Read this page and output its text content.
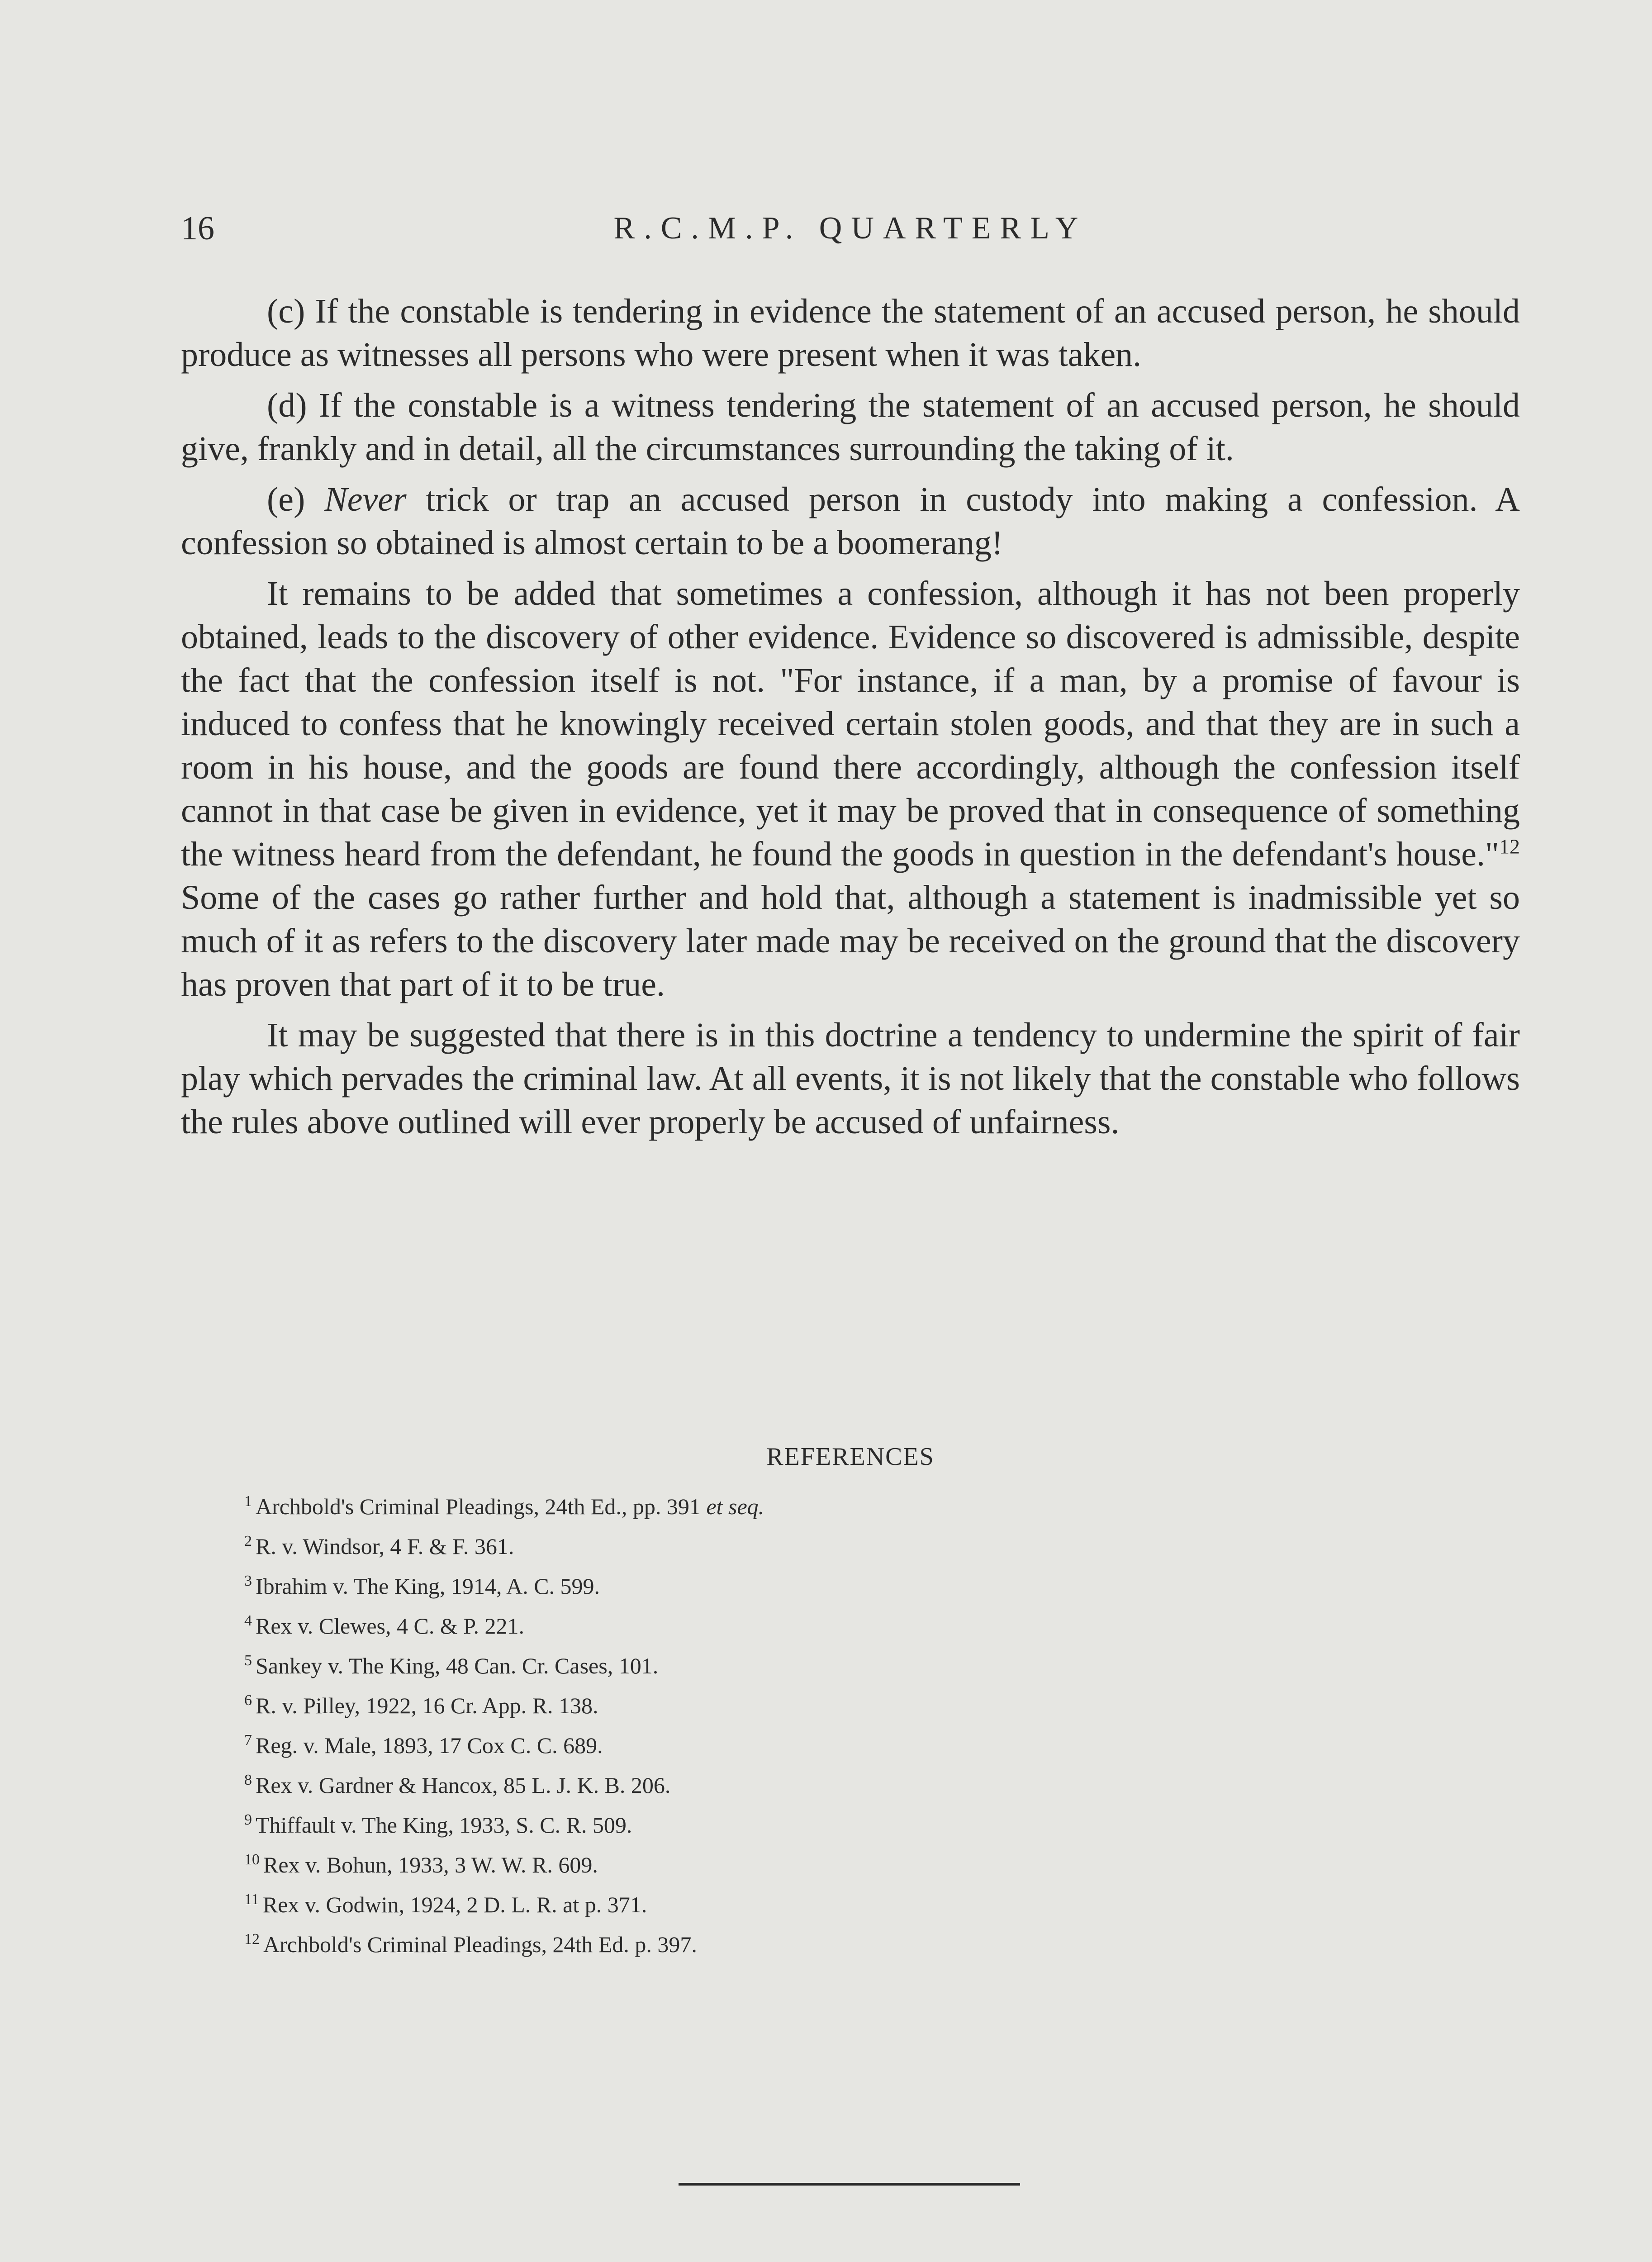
16	R.C.M.P. QUARTERLY

(c) If the constable is tendering in evidence the statement of an accused person, he should produce as witnesses all persons who were present when it was taken.

(d) If the constable is a witness tendering the statement of an accused person, he should give, frankly and in detail, all the circumstances surrounding the taking of it.

(e) Never trick or trap an accused person in custody into making a confession. A confession so obtained is almost certain to be a boomerang!

It remains to be added that sometimes a confession, although it has not been properly obtained, leads to the discovery of other evidence. Evidence so discovered is admissible, despite the fact that the confession itself is not. "For instance, if a man, by a promise of favour is induced to confess that he knowingly received certain stolen goods, and that they are in such a room in his house, and the goods are found there accordingly, although the confession itself cannot in that case be given in evidence, yet it may be proved that in consequence of something the witness heard from the defendant, he found the goods in question in the defendant's house."$^{12}$ Some of the cases go rather further and hold that, although a statement is inadmissible yet so much of it as refers to the discovery later made may be received on the ground that the discovery has proven that part of it to be true.

It may be suggested that there is in this doctrine a tendency to undermine the spirit of fair play which pervades the criminal law. At all events, it is not likely that the constable who follows the rules above outlined will ever properly be accused of unfairness.

REFERENCES
$^1$ Archbold's Criminal Pleadings, 24th Ed., pp. 391 et seq.
$^2$ R. v. Windsor, 4 F. & F. 361.
$^3$ Ibrahim v. The King, 1914, A. C. 599.
$^4$ Rex v. Clewes, 4 C. & P. 221.
$^5$ Sankey v. The King, 48 Can. Cr. Cases, 101.
$^6$ R. v. Pilley, 1922, 16 Cr. App. R. 138.
$^7$ Reg. v. Male, 1893, 17 Cox C. C. 689.
$^8$ Rex v. Gardner & Hancox, 85 L. J. K. B. 206.
$^9$ Thiffault v. The King, 1933, S. C. R. 509.
$^{10}$ Rex v. Bohun, 1933, 3 W. W. R. 609.
$^{11}$ Rex v. Godwin, 1924, 2 D. L. R. at p. 371.
$^{12}$ Archbold's Criminal Pleadings, 24th Ed. p. 397.
